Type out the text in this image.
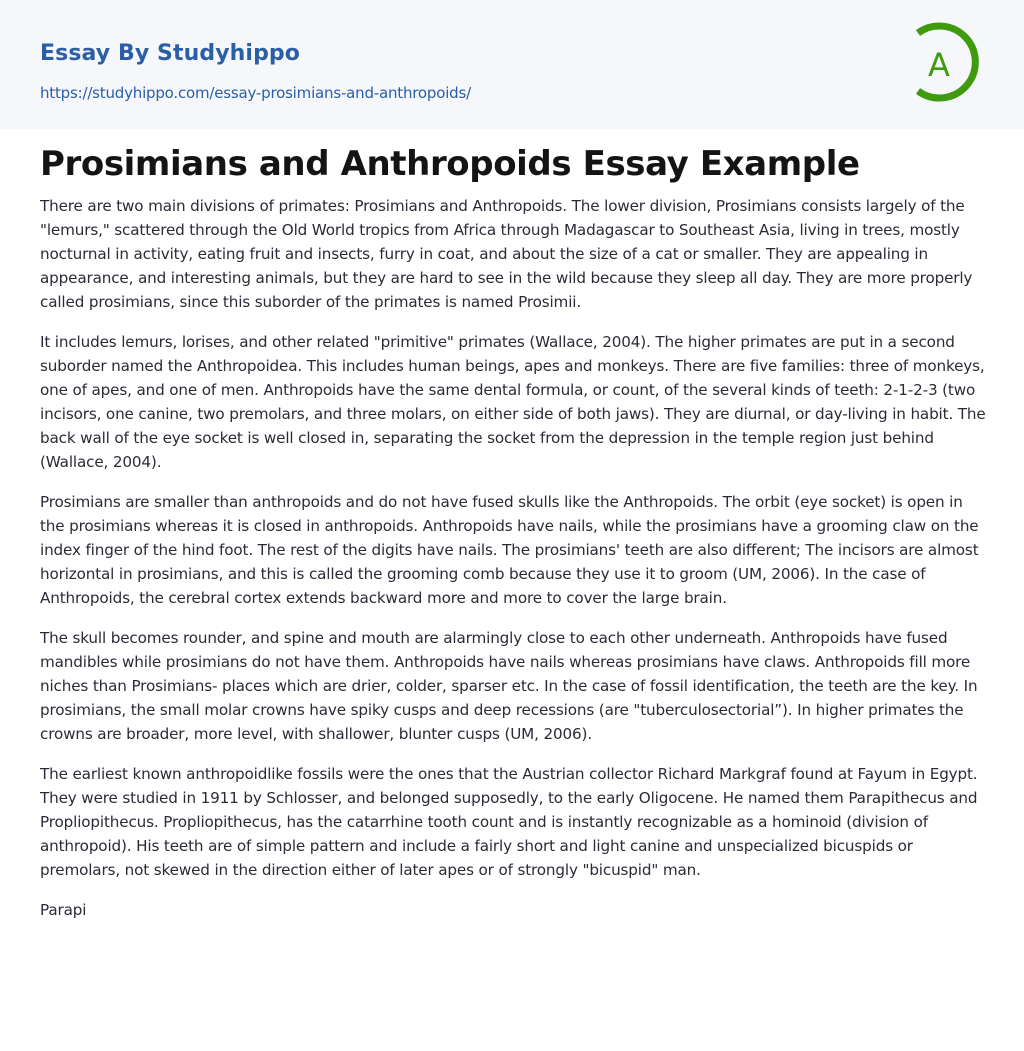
Essay By Studyhippo
https://studyhippo.com/essay-prosimians-and-anthropoids/
A
Prosimians and Anthropoids Essay Example

There are two main divisions of primates: Prosimians and Anthropoids. The lower division, Prosimians consists largely of the "lemurs," scattered through the Old World tropics from Africa through Madagascar to Southeast Asia, living in trees, mostly nocturnal in activity, eating fruit and insects, furry in coat, and about the size of a cat or smaller. They are appealing in appearance, and interesting animals, but they are hard to see in the wild because they sleep all day. They are more properly called prosimians, since this suborder of the primates is named Prosimii.

It includes lemurs, lorises, and other related "primitive" primates (Wallace, 2004). The higher primates are put in a second suborder named the Anthropoidea. This includes human beings, apes and monkeys. There are five families: three of monkeys, one of apes, and one of men. Anthropoids have the same dental formula, or count, of the several kinds of teeth: 2-1-2-3 (two incisors, one canine, two premolars, and three molars, on either side of both jaws). They are diurnal, or day-living in habit. The back wall of the eye socket is well closed in, separating the socket from the depression in the temple region just behind (Wallace, 2004).

Prosimians are smaller than anthropoids and do not have fused skulls like the Anthropoids. The orbit (eye socket) is open in the prosimians whereas it is closed in anthropoids. Anthropoids have nails, while the prosimians have a grooming claw on the index finger of the hind foot. The rest of the digits have nails. The prosimians' teeth are also different; The incisors are almost horizontal in prosimians, and this is called the grooming comb because they use it to groom (UM, 2006). In the case of Anthropoids, the cerebral cortex extends backward more and more to cover the large brain.

The skull becomes rounder, and spine and mouth are alarmingly close to each other underneath. Anthropoids have fused mandibles while prosimians do not have them. Anthropoids have nails whereas prosimians have claws. Anthropoids fill more niches than Prosimians- places which are drier, colder, sparser etc. In the case of fossil identification, the teeth are the key. In prosimians, the small molar crowns have spiky cusps and deep recessions (are "tuberculosectorial”). In higher primates the crowns are broader, more level, with shallower, blunter cusps (UM, 2006).

The earliest known anthropoidlike fossils were the ones that the Austrian collector Richard Markgraf found at Fayum in Egypt. They were studied in 1911 by Schlosser, and belonged supposedly, to the early Oligocene. He named them Parapithecus and Propliopithecus. Propliopithecus, has the catarrhine tooth count and is instantly recognizable as a hominoid (division of anthropoid). His teeth are of simple pattern and include a fairly short and light canine and unspecialized bicuspids or premolars, not skewed in the direction either of later apes or of strongly "bicuspid" man.

Parapi
